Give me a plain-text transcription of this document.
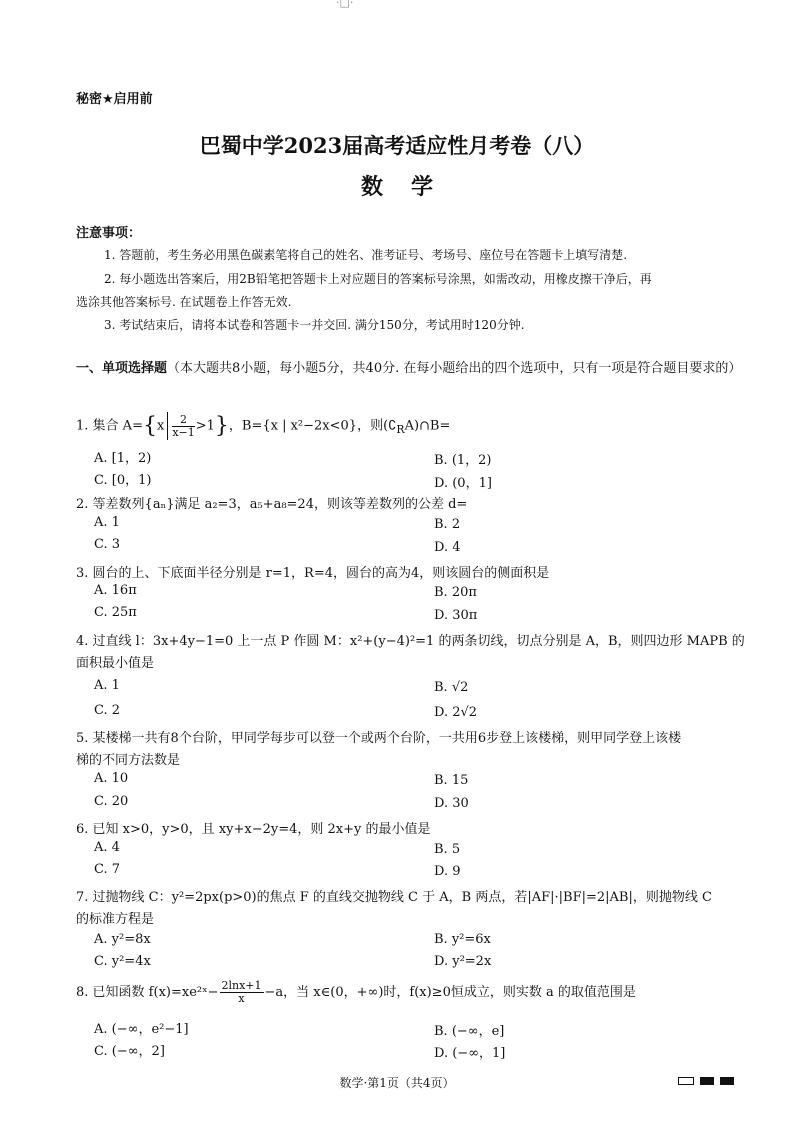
·□·
秘密★启用前
巴蜀中学2023届高考适应性月考卷（八）
数学
注意事项：
1. 答题前，考生务必用黑色碳素笔将自己的姓名、准考证号、考场号、座位号在答题卡上填写清楚.
2. 每小题选出答案后，用2B铅笔把答题卡上对应题目的答案标号涂黑，如需改动，用橡皮擦干净后，再
选涂其他答案标号. 在试题卷上作答无效.
3. 考试结束后，请将本试卷和答题卡一并交回. 满分150分，考试用时120分钟.
一、单项选择题（本大题共8小题，每小题5分，共40分. 在每小题给出的四个选项中，只有一项是符合题目要求的）
1. 集合 $A=\{x \frac{2}{x-1} >1\}$，B={x | x²−2x<0}，则$(∁_RA)\cap B=$
A. [1，2)	B. (1，2)
C. [0，1)	D. (0，1]
2. 等差数列{aₙ}满足 a₂=3，a₅+a₈=24，则该等差数列的公差 d=
A. 1	B. 2
C. 3	D. 4
3. 圆台的上、下底面半径分别是 r=1，R=4，圆台的高为4，则该圆台的侧面积是
A. 16π	B. 20π
C. 25π	D. 30π
4. 过直线 l：3x+4y−1=0 上一点 P 作圆 M：x²+(y−4)²=1 的两条切线，切点分别是 A，B，则四边形 MAPB 的
面积最小值是
A. 1	B. √2
C. 2	D. 2√2
5. 某楼梯一共有8个台阶，甲同学每步可以登一个或两个台阶，一共用6步登上该楼梯，则甲同学登上该楼
梯的不同方法数是
A. 10	B. 15
C. 20	D. 30
6. 已知 x>0，y>0，且 xy+x−2y=4，则 2x+y 的最小值是
A. 4	B. 5
C. 7	D. 9
7. 过抛物线 C：y²=2px(p>0)的焦点 F 的直线交抛物线 C 于 A，B 两点，若|AF|·|BF|=2|AB|，则抛物线 C
的标准方程是
A. y²=8x	B. y²=6x
C. y²=4x	D. y²=2x
8. 已知函数 f(x)=xe²ˣ− $\frac{2\ln x+1}{x} -a$，当 x∈(0，+∞)时，f(x)≥0恒成立，则实数 a 的取值范围是
A. (−∞，e²−1]	B. (−∞，e]
C. (−∞，2]	D. (−∞，1]
数学·第1页（共4页）
